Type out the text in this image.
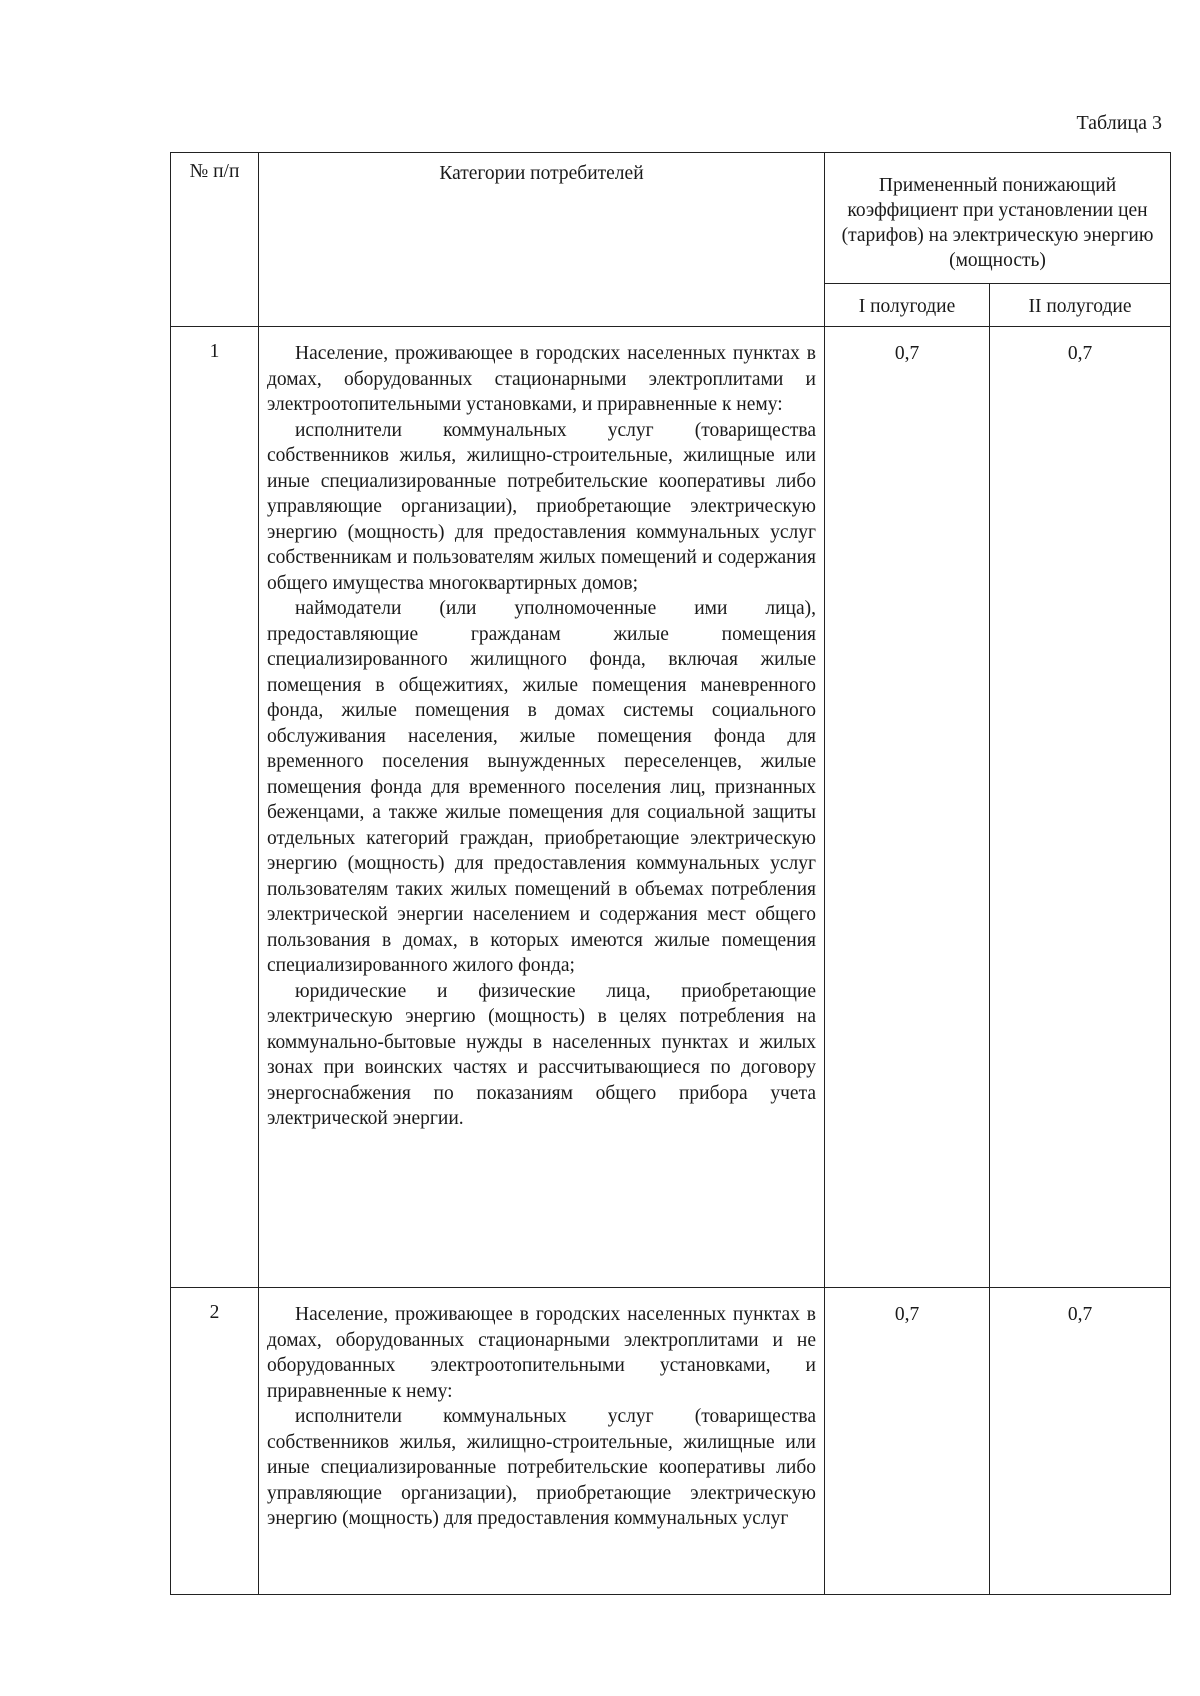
Таблица 3
№ п/п	Категории потребителей	Примененный понижающий коэффициент при установлении цен (тарифов) на электрическую энергию (мощность)	
		I полугодие	II полугодие
1	Население, проживающее в городских населенных пунктах в домах, оборудованных стационарными электроплитами и электроотопительными установками, и приравненные к нему:

исполнители коммунальных услуг (товарищества собственников жилья, жилищно-строительные, жилищные или иные специализированные потребительские кооперативы либо управляющие организации), приобретающие электрическую энергию (мощность) для предоставления коммунальных услуг собственникам и пользователям жилых помещений и содержания общего имущества многоквартирных домов;

наймодатели (или уполномоченные ими лица), предоставляющие гражданам жилые помещения специализированного жилищного фонда, включая жилые помещения в общежитиях, жилые помещения маневренного фонда, жилые помещения в домах системы социального обслуживания населения, жилые помещения фонда для временного поселения вынужденных переселенцев, жилые помещения фонда для временного поселения лиц, признанных беженцами, а также жилые помещения для социальной защиты отдельных категорий граждан, приобретающие электрическую энергию (мощность) для предоставления коммунальных услуг пользователям таких жилых помещений в объемах потребления электрической энергии населением и содержания мест общего пользования в домах, в которых имеются жилые помещения специализированного жилого фонда;

юридические и физические лица, приобретающие электрическую энергию (мощность) в целях потребления на коммунально-бытовые нужды в населенных пунктах и жилых зонах при воинских частях и рассчитывающиеся по договору энергоснабжения по показаниям общего прибора учета электрической энергии.	0,7	0,7
2	Население, проживающее в городских населенных пунктах в домах, оборудованных стационарными электроплитами и не оборудованных электроотопительными установками, и приравненные к нему:

исполнители коммунальных услуг (товарищества собственников жилья, жилищно-строительные, жилищные или иные специализированные потребительские кооперативы либо управляющие организации), приобретающие электрическую энергию (мощность) для предоставления коммунальных услуг	0,7	0,7
